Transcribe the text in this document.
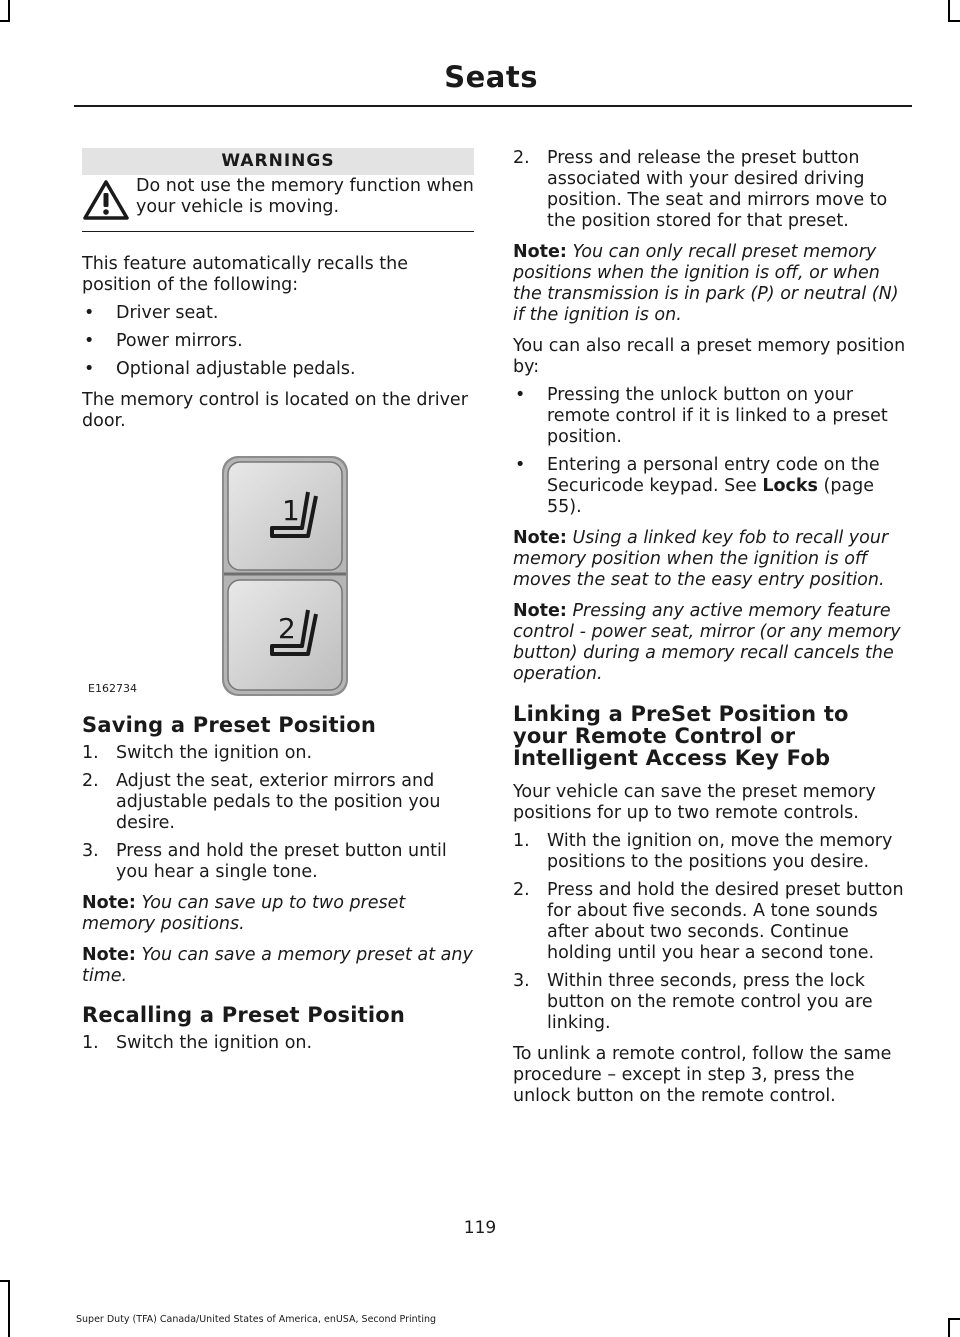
Seats
WARNINGS
Do not use the memory function when your vehicle is moving.

This feature automatically recalls the position of the following:

• Driver seat.
• Power mirrors.
• Optional adjustable pedals.

The memory control is located on the driver door.

1
2
E162734
Saving a Preset Position
1. Switch the ignition on.
2. Adjust the seat, exterior mirrors and adjustable pedals to the position you desire.
3. Press and hold the preset button until you hear a single tone.

Note: You can save up to two preset memory positions.

Note: You can save a memory preset at any time.

Recalling a Preset Position
1. Switch the ignition on.
2. Press and release the preset button associated with your desired driving position. The seat and mirrors move to the position stored for that preset.

Note: You can only recall preset memory positions when the ignition is off, or when the transmission is in park (P) or neutral (N) if the ignition is on.

You can also recall a preset memory position by:

• Pressing the unlock button on your remote control if it is linked to a preset position.
• Entering a personal entry code on the Securicode keypad. See Locks (page 55).

Note: Using a linked key fob to recall your memory position when the ignition is off moves the seat to the easy entry position.

Note: Pressing any active memory feature control - power seat, mirror (or any memory button) during a memory recall cancels the operation.

Linking a PreSet Position to your Remote Control or Intelligent Access Key Fob

Your vehicle can save the preset memory positions for up to two remote controls.

1. With the ignition on, move the memory positions to the positions you desire.
2. Press and hold the desired preset button for about five seconds. A tone sounds after about two seconds. Continue holding until you hear a second tone.
3. Within three seconds, press the lock button on the remote control you are linking.

To unlink a remote control, follow the same procedure – except in step 3, press the unlock button on the remote control.

119
Super Duty (TFA) Canada/United States of America, enUSA, Second Printing
